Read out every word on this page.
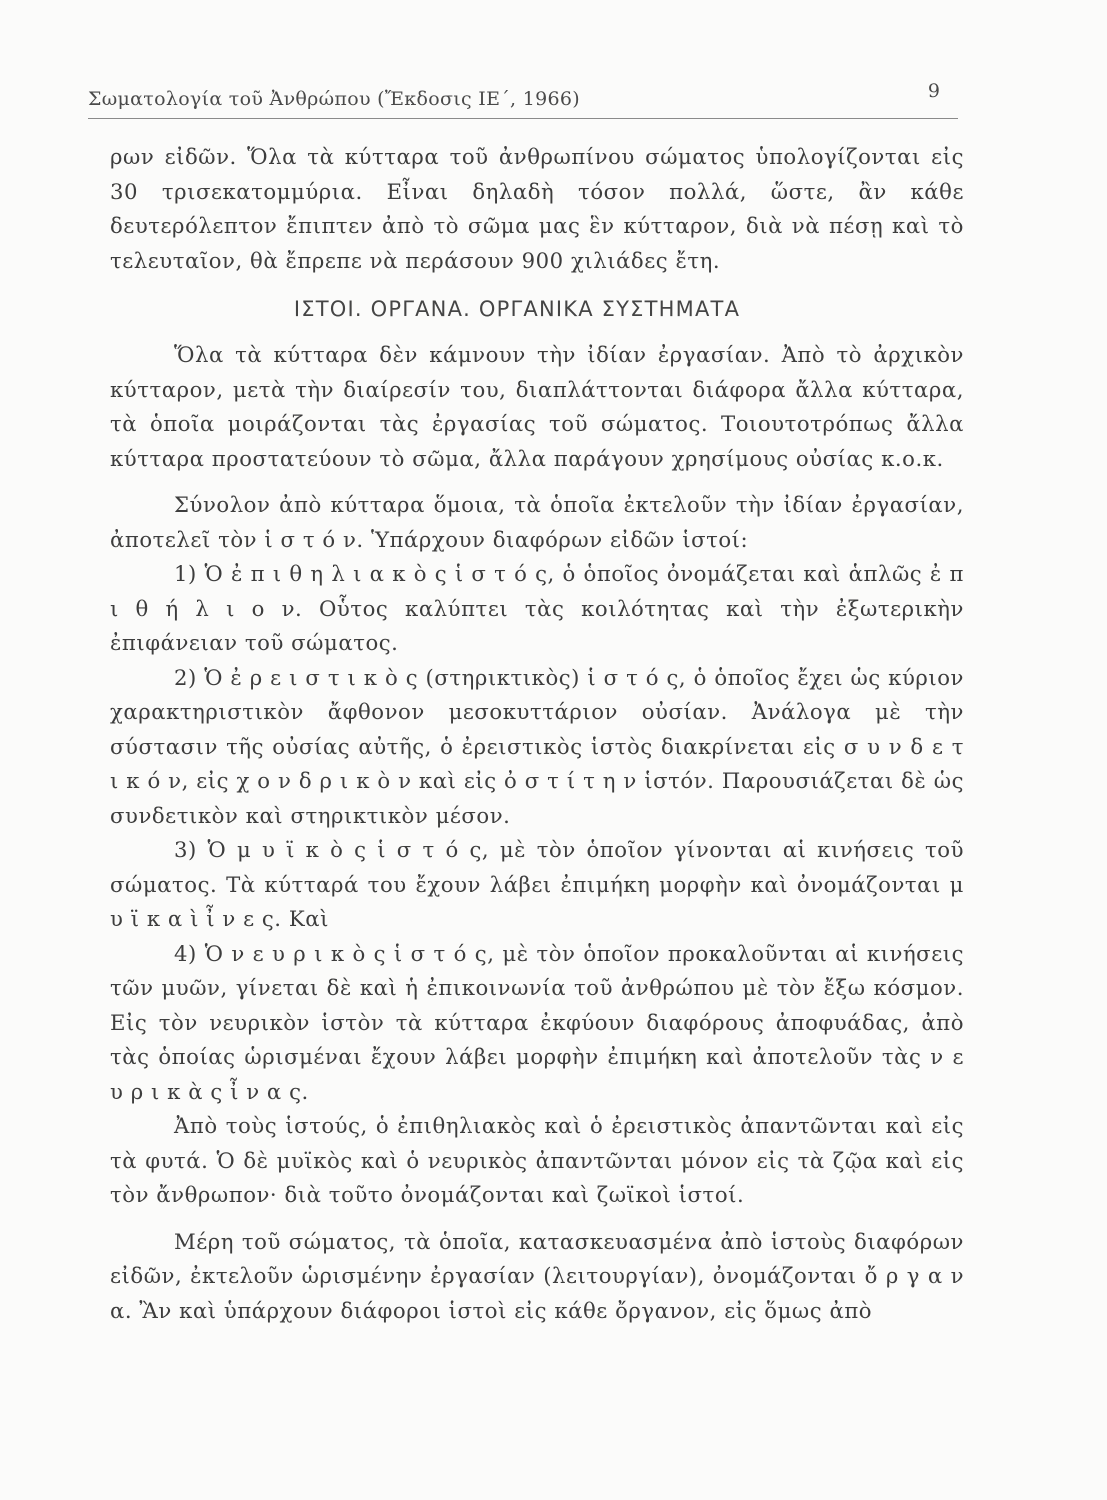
Σωματολογία τοῦ Ἀνθρώπου (Ἔκδοσις ΙΕ΄, 1966)	9

ρων εἰδῶν. Ὅλα τὰ κύτταρα τοῦ ἀνθρωπίνου σώματος ὑπολογίζονται εἰς 30 τρισεκατομμύρια. Εἶναι δηλαδὴ τόσον πολλά, ὥστε, ἂν κάθε δευτερόλεπτον ἔπιπτεν ἀπὸ τὸ σῶμα μας ἓν κύτταρον, διὰ νὰ πέσῃ καὶ τὸ τελευταῖον, θὰ ἔπρεπε νὰ περάσουν 900 χιλιάδες ἔτη.

ΙΣΤΟΙ. ΟΡΓΑΝΑ. ΟΡΓΑΝΙΚΑ ΣΥΣΤΗΜΑΤΑ

Ὅλα τὰ κύτταρα δὲν κάμνουν τὴν ἰδίαν ἐργασίαν. Ἀπὸ τὸ ἀρχικὸν κύτταρον, μετὰ τὴν διαίρεσίν του, διαπλάττονται διάφορα ἄλλα κύτταρα, τὰ ὁποῖα μοιράζονται τὰς ἐργασίας τοῦ σώματος. Τοιουτοτρόπως ἄλλα κύτταρα προστατεύουν τὸ σῶμα, ἄλλα παράγουν χρησίμους οὐσίας κ.ο.κ.

Σύνολον ἀπὸ κύτταρα ὅμοια, τὰ ὁποῖα ἐκτελοῦν τὴν ἰδίαν ἐργασίαν, ἀποτελεῖ τὸν ἱ σ τ ό ν. Ὑπάρχουν διαφόρων εἰδῶν ἱστοί:

1) Ὁ ἐ π ι θ η λ ι α κ ὸ ς ἱ σ τ ό ς, ὁ ὁποῖος ὀνομάζεται καὶ ἁπλῶς ἐ π ι θ ή λ ι ο ν. Οὗτος καλύπτει τὰς κοιλότητας καὶ τὴν ἐξωτερικὴν ἐπιφάνειαν τοῦ σώματος.

2) Ὁ ἐ ρ ε ι σ τ ι κ ὸ ς (στηρικτικὸς) ἱ σ τ ό ς, ὁ ὁποῖος ἔχει ὡς κύριον χαρακτηριστικὸν ἄφθονον μεσοκυττάριον οὐσίαν. Ἀνάλογα μὲ τὴν σύστασιν τῆς οὐσίας αὐτῆς, ὁ ἐρειστικὸς ἱστὸς διακρίνεται εἰς σ υ ν δ ε τ ι κ ό ν, εἰς χ ο ν δ ρ ι κ ὸ ν καὶ εἰς ὀ σ τ ί τ η ν ἱστόν. Παρουσιάζεται δὲ ὡς συνδετικὸν καὶ στηρικτικὸν μέσον.

3) Ὁ μ υ ϊ κ ὸ ς ἱ σ τ ό ς, μὲ τὸν ὁποῖον γίνονται αἱ κινήσεις τοῦ σώματος. Τὰ κύτταρά του ἔχουν λάβει ἐπιμήκη μορφὴν καὶ ὀνομάζονται μ υ ϊ κ α ὶ ἶ ν ε ς. Καὶ

4) Ὁ ν ε υ ρ ι κ ὸ ς ἱ σ τ ό ς, μὲ τὸν ὁποῖον προκαλοῦνται αἱ κινήσεις τῶν μυῶν, γίνεται δὲ καὶ ἡ ἐπικοινωνία τοῦ ἀνθρώπου μὲ τὸν ἔξω κόσμον. Εἰς τὸν νευρικὸν ἱστὸν τὰ κύτταρα ἐκφύουν διαφόρους ἀποφυάδας, ἀπὸ τὰς ὁποίας ὡρισμέναι ἔχουν λάβει μορφὴν ἐπιμήκη καὶ ἀποτελοῦν τὰς ν ε υ ρ ι κ ὰ ς ἶ ν α ς.

Ἀπὸ τοὺς ἱστούς, ὁ ἐπιθηλιακὸς καὶ ὁ ἐρειστικὸς ἀπαντῶνται καὶ εἰς τὰ φυτά. Ὁ δὲ μυϊκὸς καὶ ὁ νευρικὸς ἀπαντῶνται μόνον εἰς τὰ ζῷα καὶ εἰς τὸν ἄνθρωπον· διὰ τοῦτο ὀνομάζονται καὶ ζωϊκοὶ ἱστοί.

Μέρη τοῦ σώματος, τὰ ὁποῖα, κατασκευασμένα ἀπὸ ἱστοὺς διαφόρων εἰδῶν, ἐκτελοῦν ὡρισμένην ἐργασίαν (λειτουργίαν), ὀνομάζονται ὄ ρ γ α ν α. Ἂν καὶ ὑπάρχουν διάφοροι ἱστοὶ εἰς κάθε ὄργανον, εἰς ὅμως ἀπὸ
